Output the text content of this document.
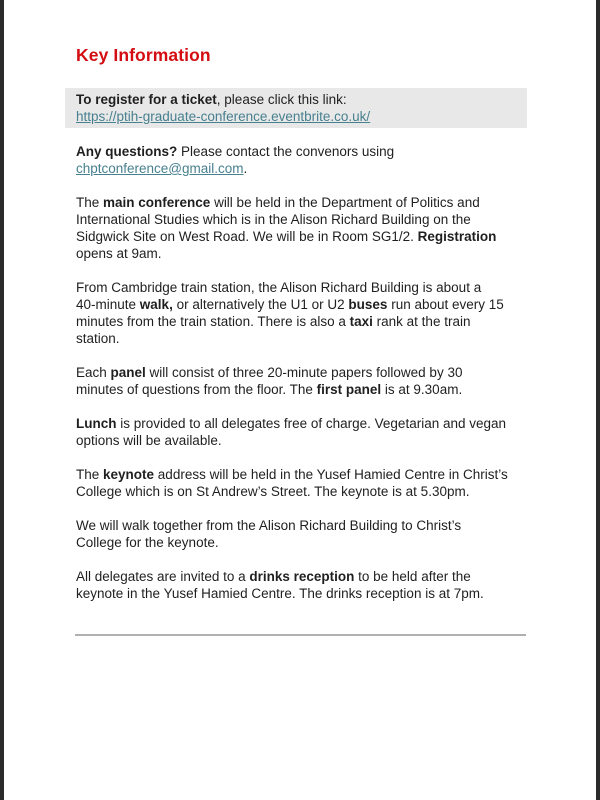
Key Information
To register for a ticket, please click this link:
https://ptih-graduate-conference.eventbrite.co.uk/
Any questions? Please contact the convenors using
chptconference@gmail.com.
The main conference will be held in the Department of Politics and
International Studies which is in the Alison Richard Building on the
Sidgwick Site on West Road. We will be in Room SG1/2. Registration
opens at 9am.
From Cambridge train station, the Alison Richard Building is about a
40-minute walk, or alternatively the U1 or U2 buses run about every 15
minutes from the train station. There is also a taxi rank at the train
station.
Each panel will consist of three 20-minute papers followed by 30
minutes of questions from the floor. The first panel is at 9.30am.
Lunch is provided to all delegates free of charge. Vegetarian and vegan
options will be available.
The keynote address will be held in the Yusef Hamied Centre in Christ’s
College which is on St Andrew’s Street. The keynote is at 5.30pm.
We will walk together from the Alison Richard Building to Christ’s
College for the keynote.
All delegates are invited to a drinks reception to be held after the
keynote in the Yusef Hamied Centre. The drinks reception is at 7pm.
